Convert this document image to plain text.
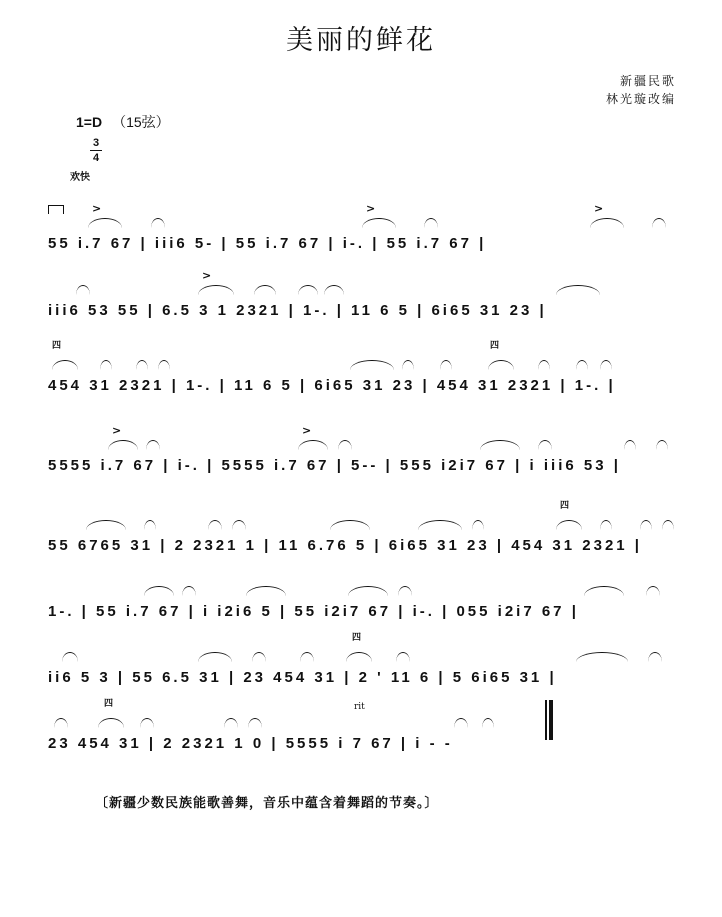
美丽的鲜花
新疆民歌
林光璇改编
1=D （15弦）
3
4
欢快

>

	>

	>

55 i.7 67 | iii6 5- | 55 i.7 67 | i-. | 55 i.7 67 |

>

iii6 53 55 | 6.5 3 1 2321 | 1-. | 11 6 5 | 6i65 31 23 |

四

	四

454 31 2321 | 1-. | 11 6 5 | 6i65 31 23 | 454 31 2321 | 1-. |

>

	>

5555 i.7 67 | i-. | 5555 i.7 67 | 5-- | 555 i2i7 67 | i iii6 53 |

四

55 6765 31 | 2 2321 1 | 11 6.76 5 | 6i65 31 23 | 454 31 2321 |

1-. | 55 i.7 67 | i i2i6 5 | 55 i2i7 67 | i-. | 055 i2i7 67 |

四

ii6 5 3 | 55 6.5 31 | 23 454 31 | 2 ' 11 6 | 5 6i65 31 |

四

23 454 31 | 2 2321 1 0 | 5555 i 7 67 | i - -

rit
〔新疆少数民族能歌善舞，音乐中蕴含着舞蹈的节奏。〕
